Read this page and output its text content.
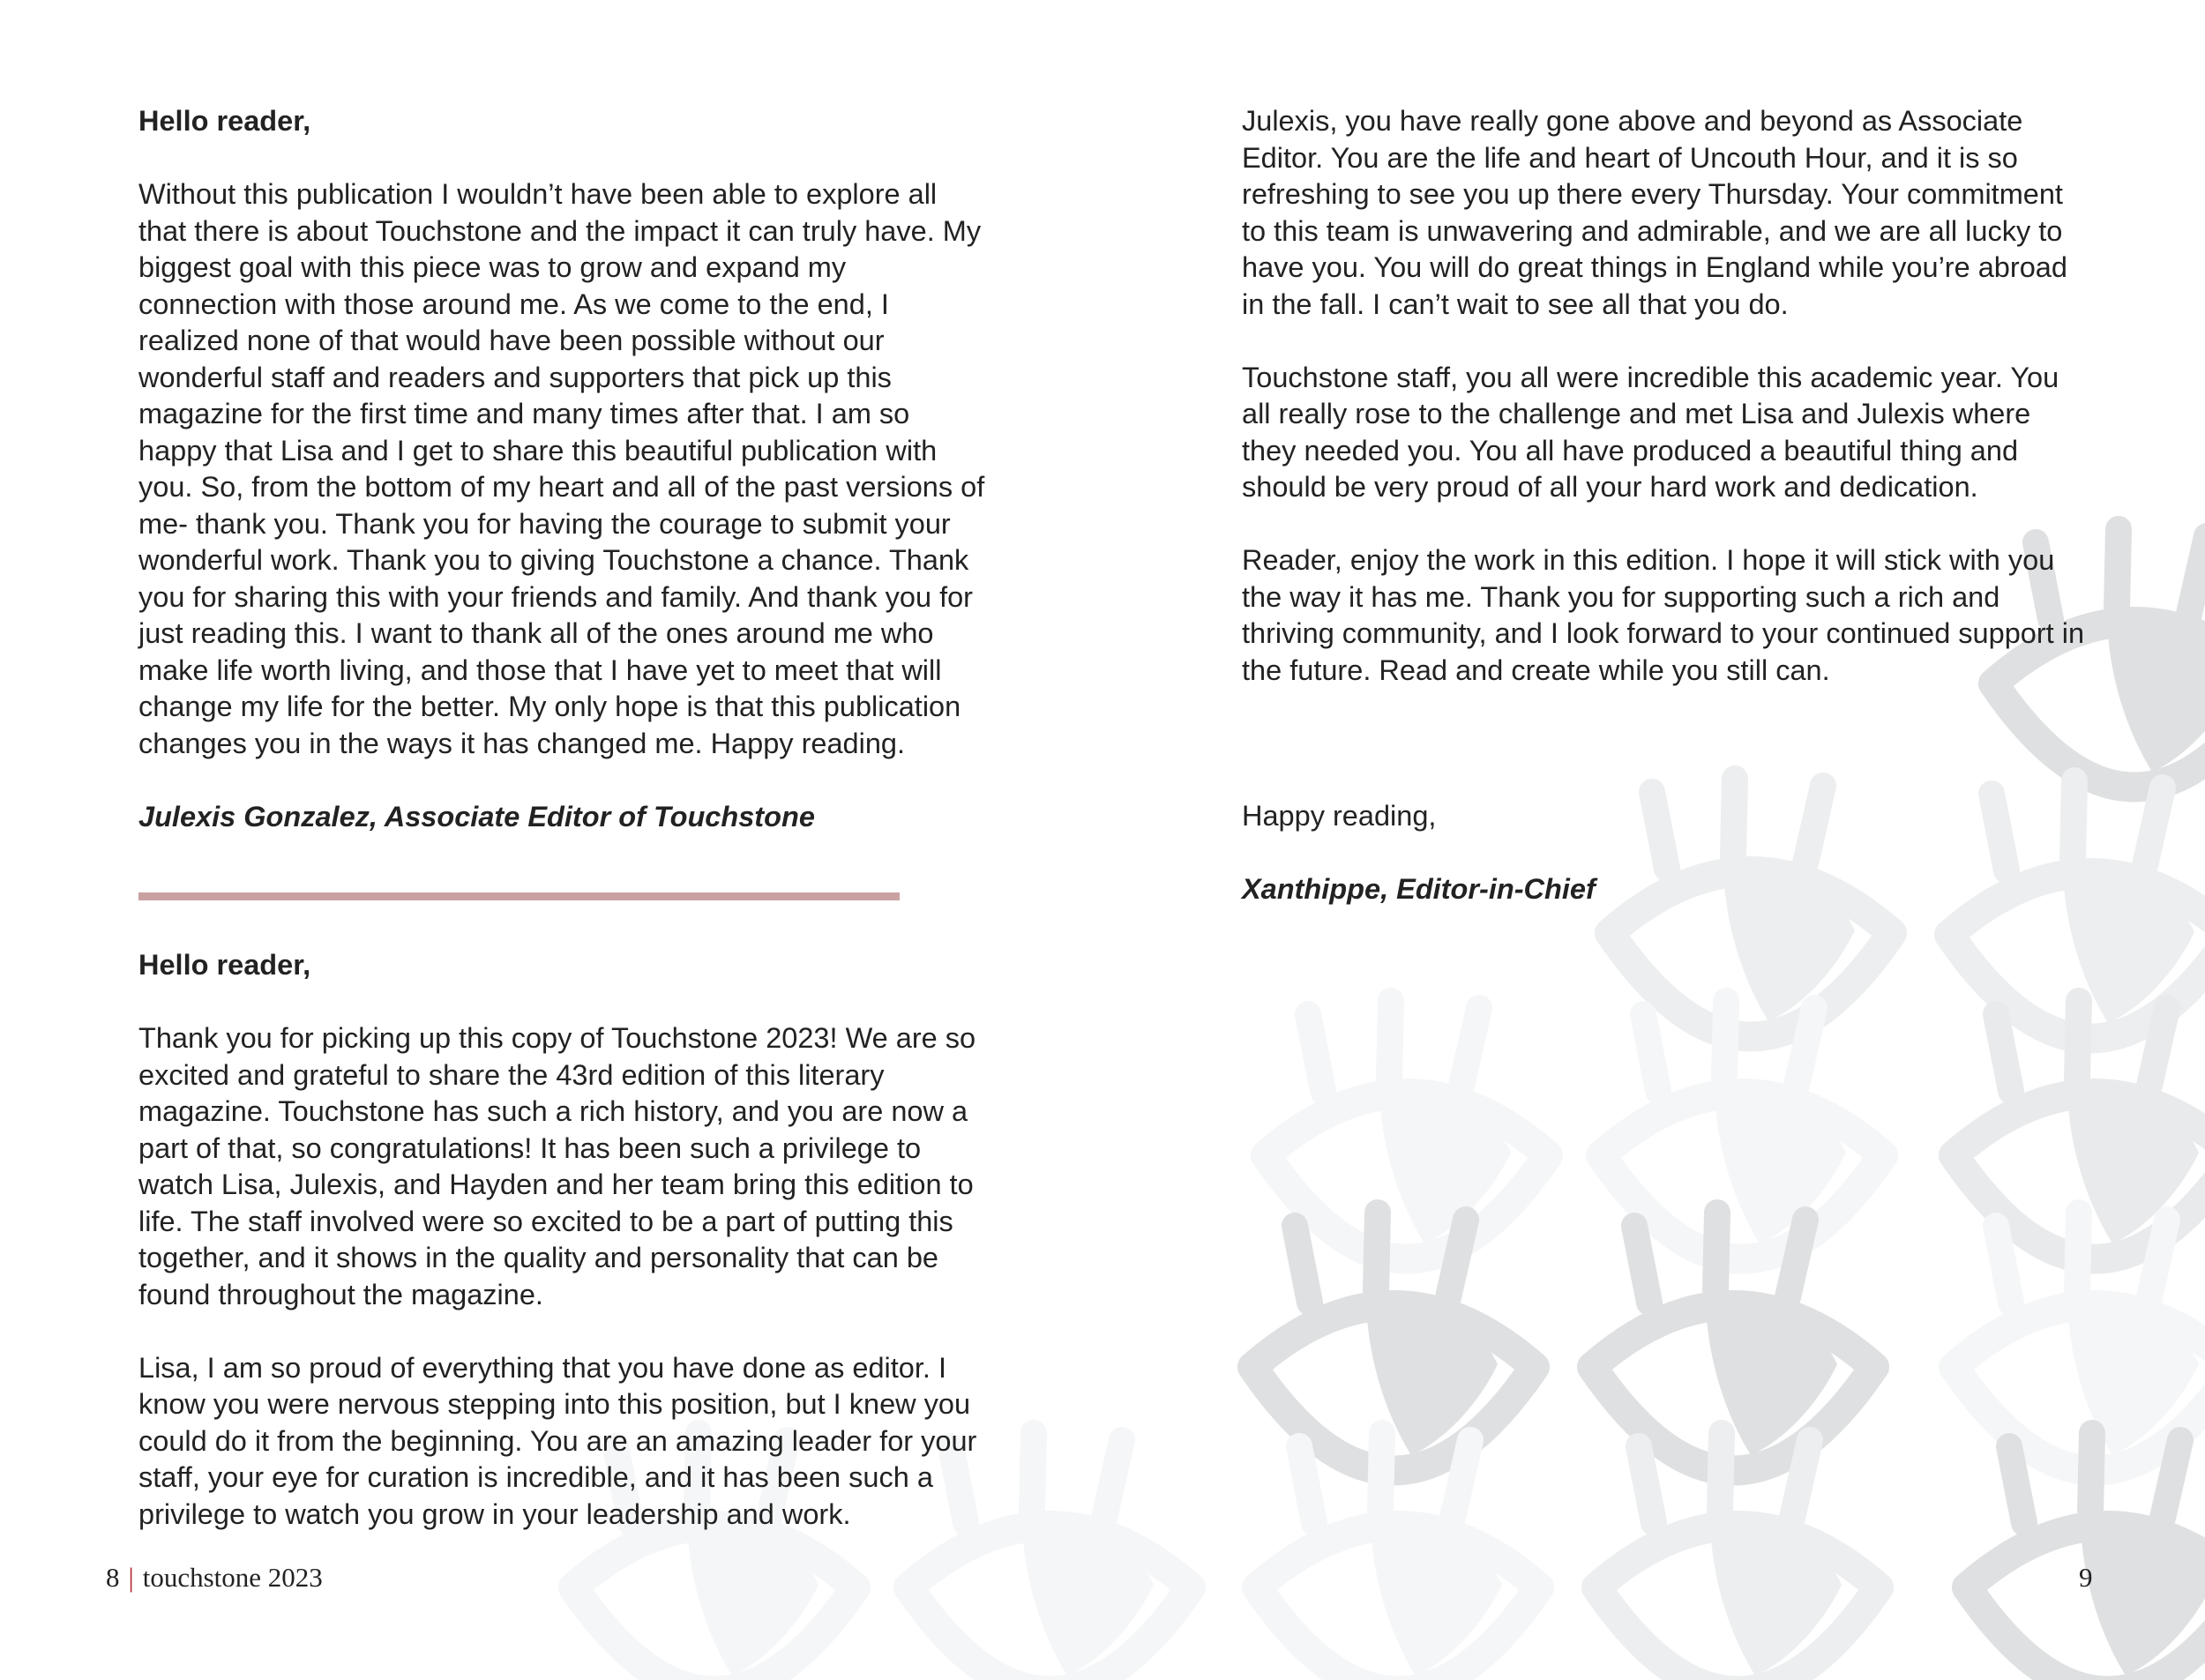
Hello reader,

Without this publication I wouldn’t have been able to explore all that there is about Touchstone and the impact it can truly have. My biggest goal with this piece was to grow and expand my connection with those around me. As we come to the end, I realized none of that would have been possible without our wonderful staff and readers and supporters that pick up this magazine for the first time and many times after that. I am so happy that Lisa and I get to share this beautiful publication with you. So, from the bottom of my heart and all of the past versions of me- thank you. Thank you for having the courage to submit your wonderful work. Thank you to giving Touchstone a chance. Thank you for sharing this with your friends and family. And thank you for just reading this. I want to thank all of the ones around me who make life worth living, and those that I have yet to meet that will change my life for the better. My only hope is that this publication changes you in the ways it has changed me. Happy reading.

Julexis Gonzalez, Associate Editor of Touchstone

Hello reader,

Thank you for picking up this copy of Touchstone 2023! We are so excited and grateful to share the 43rd edition of this literary magazine. Touchstone has such a rich history, and you are now a part of that, so congratulations! It has been such a privilege to watch Lisa, Julexis, and Hayden and her team bring this edition to life. The staff involved were so excited to be a part of putting this together, and it shows in the quality and personality that can be found throughout the magazine.

Lisa, I am so proud of everything that you have done as editor. I know you were nervous stepping into this position, but I knew you could do it from the beginning. You are an amazing leader for your staff, your eye for curation is incredible, and it has been such a privilege to watch you grow in your leadership and work.

Julexis, you have really gone above and beyond as Associate Editor. You are the life and heart of Uncouth Hour, and it is so refreshing to see you up there every Thursday. Your commitment to this team is unwavering and admirable, and we are all lucky to have you. You will do great things in England while you’re abroad in the fall. I can’t wait to see all that you do.

Touchstone staff, you all were incredible this academic year. You all really rose to the challenge and met Lisa and Julexis where they needed you. You all have produced a beautiful thing and should be very proud of all your hard work and dedication.

Reader, enjoy the work in this edition. I hope it will stick with you the way it has me. Thank you for supporting such a rich and thriving community, and I look forward to your continued support in the future. Read and create while you still can.

Happy reading,

Xanthippe, Editor-in-Chief

8 | touchstone 2023	9
